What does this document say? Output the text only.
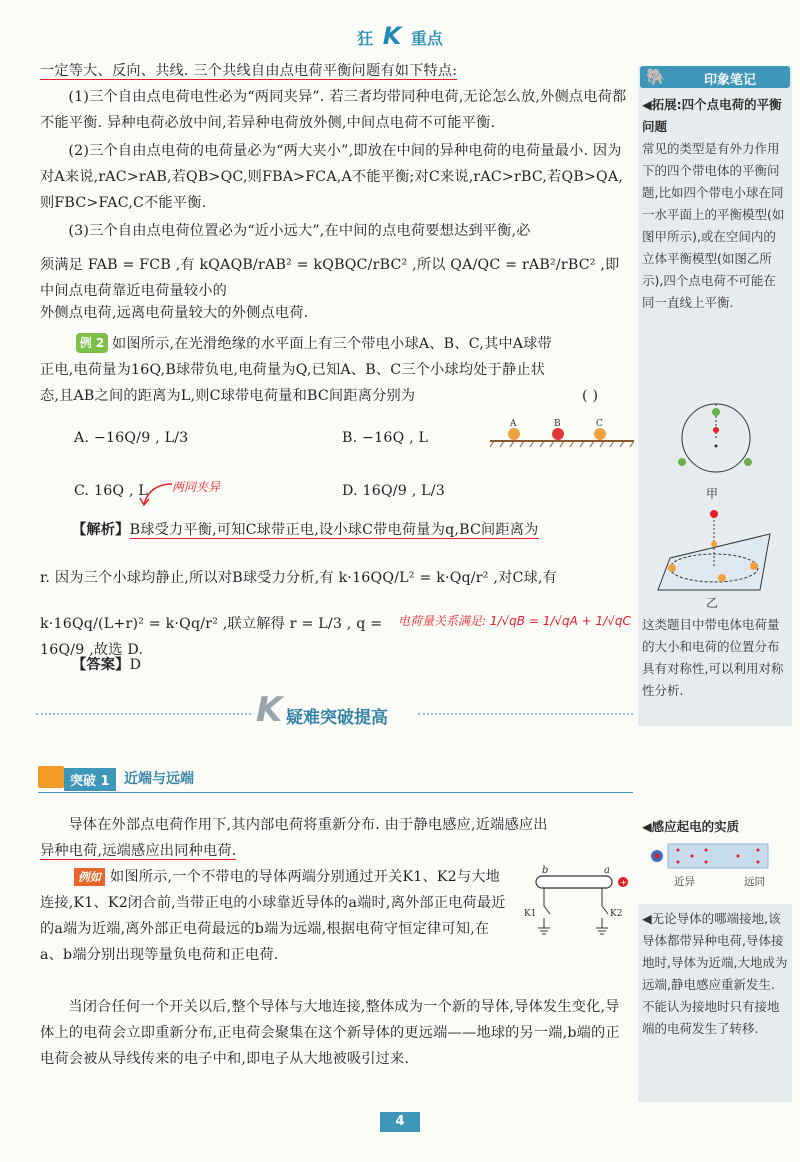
狂 K 重点
一定等大、反向、共线. 三个共线自由点电荷平衡问题有如下特点:
(1)三个自由点电荷电性必为“两同夹异”. 若三者均带同种电荷,无论怎么放,外侧点电荷都不能平衡. 异种电荷必放中间,若异种电荷放外侧,中间点电荷不可能平衡.
(2)三个自由点电荷的电荷量必为“两大夹小”,即放在中间的异种电荷的电荷量最小. 因为对A来说,rAC>rAB,若QB>QC,则FBA>FCA,A不能平衡;对C来说,rAC>rBC,若QB>QA,则FBC>FAC,C不能平衡.
(3)三个自由点电荷位置必为“近小远大”,在中间的点电荷要想达到平衡,必
须满足 FAB = FCB ,有 kQAQB/rAB² = kQBQC/rBC² ,所以 QA/QC = rAB²/rBC² ,即中间点电荷靠近电荷量较小的
外侧点电荷,远离电荷量较大的外侧点电荷.
例 2 如图所示,在光滑绝缘的水平面上有三个带电小球A、B、C,其中A球带
正电,电荷量为16Q,B球带负电,电荷量为Q,已知A、B、C三个小球均处于静止状
态,且AB之间的距离为L,则C球带电荷量和BC间距离分别为	( )
A. −16Q/9 , L/3	B. −16Q , L
C. 16Q , L	D. 16Q/9 , L/3
两同夹异
A	B	C
【解析】B球受力平衡,可知C球带正电,设小球C带电荷量为q,BC间距离为
r. 因为三个小球均静止,所以对B球受力分析,有 k·16QQ/L² = k·Qq/r² ,对C球,有
k·16Qq/(L+r)² = k·Qq/r² ,联立解得 r = L/3 , q = 16Q/9 ,故选 D.
电荷量关系满足: 1/√qB = 1/√qA + 1/√qC
【答案】D
K 疑难突破提高
突破 1	近端与远端
导体在外部点电荷作用下,其内部电荷将重新分布. 由于静电感应,近端感应出
异种电荷,远端感应出同种电荷.
例如 如图所示,一个不带电的导体两端分别通过开关K1、K2与大地连接,K1、K2闭合前,当带正电的小球靠近导体的a端时,离外部正电荷最近的a端为近端,离外部正电荷最远的b端为远端,根据电荷守恒定律可知,在a、b端分别出现等量负电荷和正电荷.
当闭合任何一个开关以后,整个导体与大地连接,整体成为一个新的导体,导体发生变化,导体上的电荷会立即重新分布,正电荷会聚集在这个新导体的更远端——地球的另一端,b端的正电荷会被从导线传来的电子中和,即电子从大地被吸引过来.
+
b	a
K1	K2
🐘	印象笔记
◀拓展:四个点电荷的平衡问题
常见的类型是有外力作用下的四个带电体的平衡问题,比如四个带电小球在同一水平面上的平衡模型(如图甲所示),或在空间内的立体平衡模型(如图乙所示),四个点电荷不可能在同一直线上平衡.
甲
乙
这类题目中带电体电荷量的大小和电荷的位置分布具有对称性,可以利用对称性分析.
◀感应起电的实质
近异	远同
◀无论导体的哪端接地,该导体都带异种电荷,导体接地时,导体为近端,大地成为远端,静电感应重新发生. 不能认为接地时只有接地端的电荷发生了转移.
4
